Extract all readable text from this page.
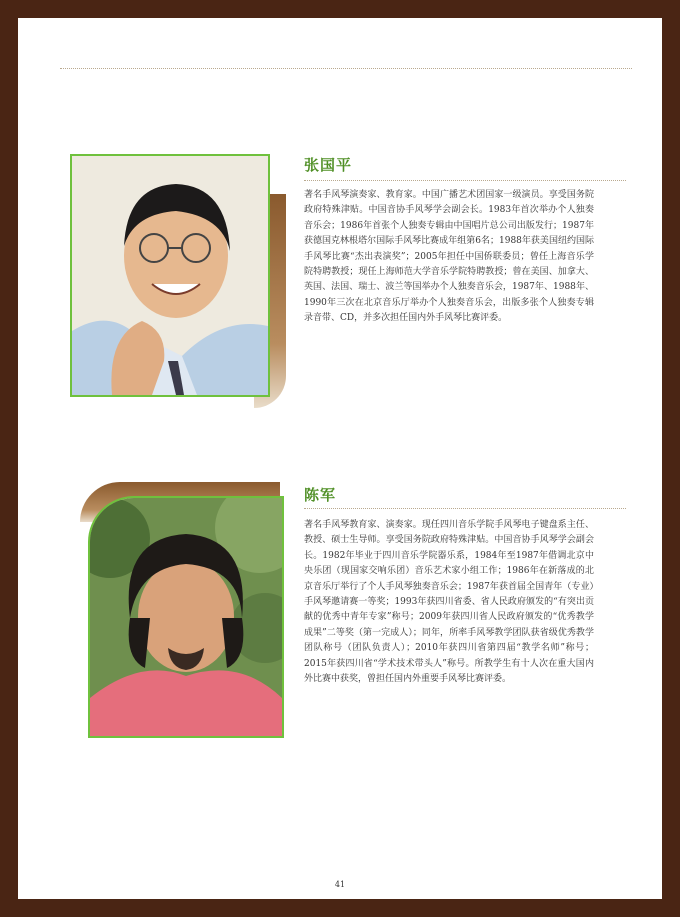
张国平

著名手风琴演奏家、教育家。中国广播艺术团国家一级演员。享受国务院政府特殊津贴。中国音协手风琴学会副会长。1983年首次举办个人独奏音乐会；1986年首张个人独奏专辑由中国唱片总公司出版发行；1987年获德国克林根塔尔国际手风琴比赛成年组第6名；1988年获美国纽约国际手风琴比赛“杰出表演奖”；2005年担任中国侨联委员；曾任上海音乐学院特聘教授；现任上海师范大学音乐学院特聘教授；曾在美国、加拿大、英国、法国、瑞士、波兰等国举办个人独奏音乐会，1987年、1988年、1990年三次在北京音乐厅举办个人独奏音乐会，出版多张个人独奏专辑录音带、CD，并多次担任国内外手风琴比赛评委。

陈军

著名手风琴教育家、演奏家。现任四川音乐学院手风琴电子键盘系主任、教授、硕士生导师。享受国务院政府特殊津贴。中国音协手风琴学会副会长。1982年毕业于四川音乐学院器乐系，1984年至1987年借调北京中央乐团（现国家交响乐团）音乐艺术家小组工作；1986年在新落成的北京音乐厅举行了个人手风琴独奏音乐会；1987年获首届全国青年（专业）手风琴邀请赛一等奖；1993年获四川省委、省人民政府颁发的“有突出贡献的优秀中青年专家”称号；2009年获四川省人民政府颁发的“优秀教学成果”二等奖（第一完成人）；同年，所率手风琴教学团队获省级优秀教学团队称号（团队负责人）；2010年获四川省第四届“教学名师”称号；2015年获四川省“学术技术带头人”称号。所教学生有十人次在重大国内外比赛中获奖，曾担任国内外重要手风琴比赛评委。

41
